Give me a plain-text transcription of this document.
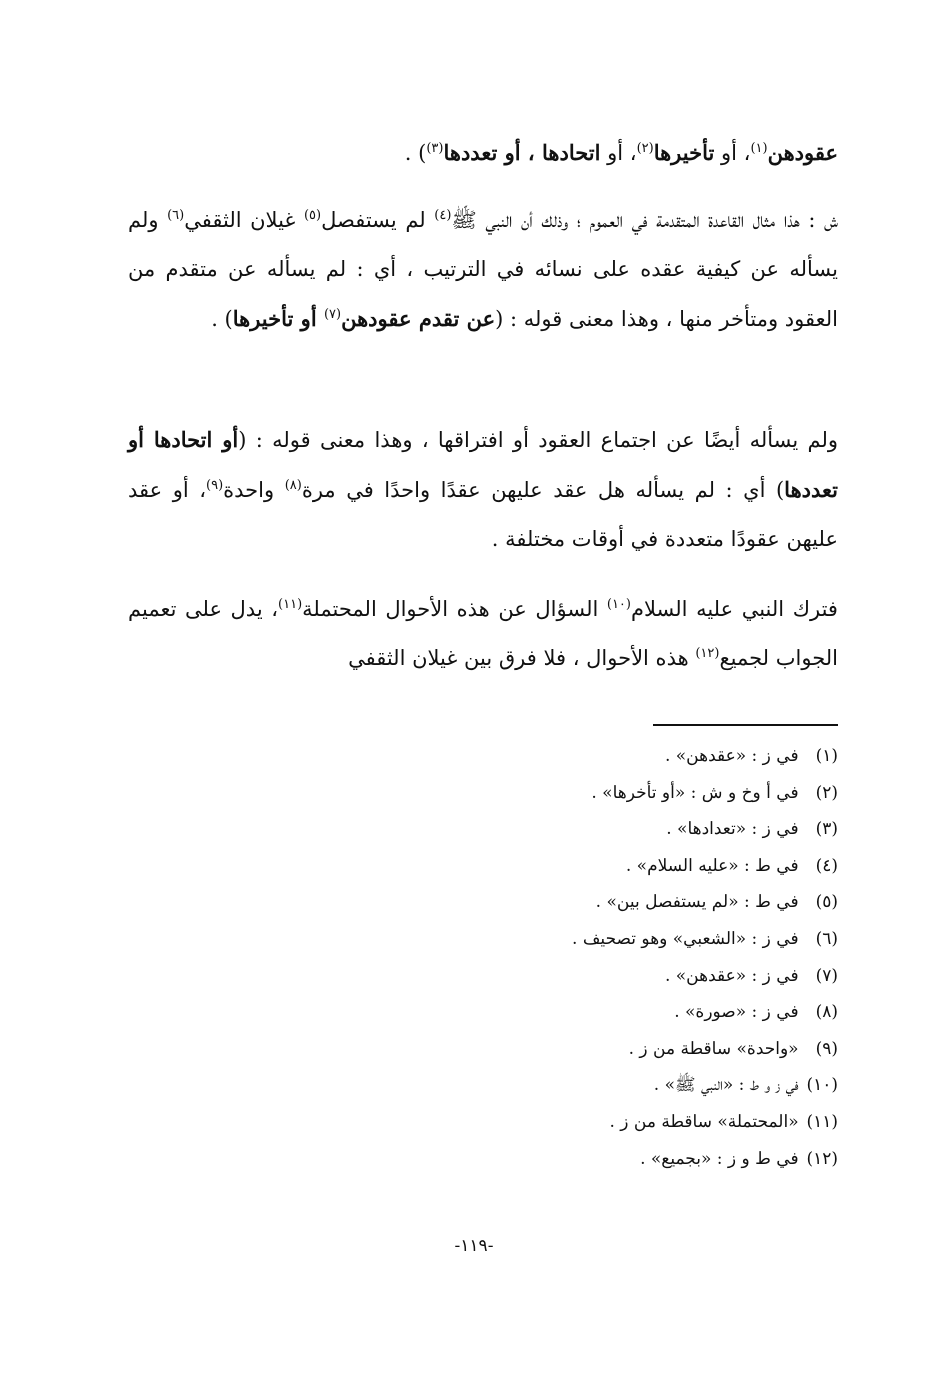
عقودهن$^{(١)}$، أو تأخيرها$^{(٢)}$، أو اتحادها ، أو تعددها$^{(٣)}$) .
ش : هذا مثال القاعدة المتقدمة في العموم ؛ وذلك أن النبي ﷺ$^{(٤)}$ لم يستفصل$^{(٥)}$ غيلان الثقفي$^{(٦)}$ ولم يسأله عن كيفية عقده على نسائه في الترتيب ، أي : لم يسأله عن متقدم من العقود ومتأخر منها ، وهذا معنى قوله : (عن تقدم عقودهن$^{(٧)}$ أو تأخيرها) .
ولم يسأله أيضًا عن اجتماع العقود أو افتراقها ، وهذا معنى قوله : (أو اتحادها أو تعددها) أي : لم يسأله هل عقد عليهن عقدًا واحدًا في مرة$^{(٨)}$ واحدة$^{(٩)}$، أو عقد عليهن عقودًا متعددة في أوقات مختلفة .
فترك النبي عليه السلام$^{(١٠)}$ السؤال عن هذه الأحوال المحتملة$^{(١١)}$، يدل على تعميم الجواب لجميع$^{(١٢)}$ هذه الأحوال ، فلا فرق بين غيلان الثقفي
(١) في ز : «عقدهن» .
(٢) في أ وخ و ش : «أو تأخرها» .
(٣) في ز : «تعدادها» .
(٤) في ط : «عليه السلام» .
(٥) في ط : «لم يستفصل بين» .
(٦) في ز : «الشعبي» وهو تصحيف .
(٧) في ز : «عقدهن» .
(٨) في ز : «صورة» .
(٩) «واحدة» ساقطة من ز .
(١٠) في ز و ط : «النبي ﷺ» .
(١١) «المحتملة» ساقطة من ز .
(١٢) في ط و ز : «بجميع» .
-١١٩-
